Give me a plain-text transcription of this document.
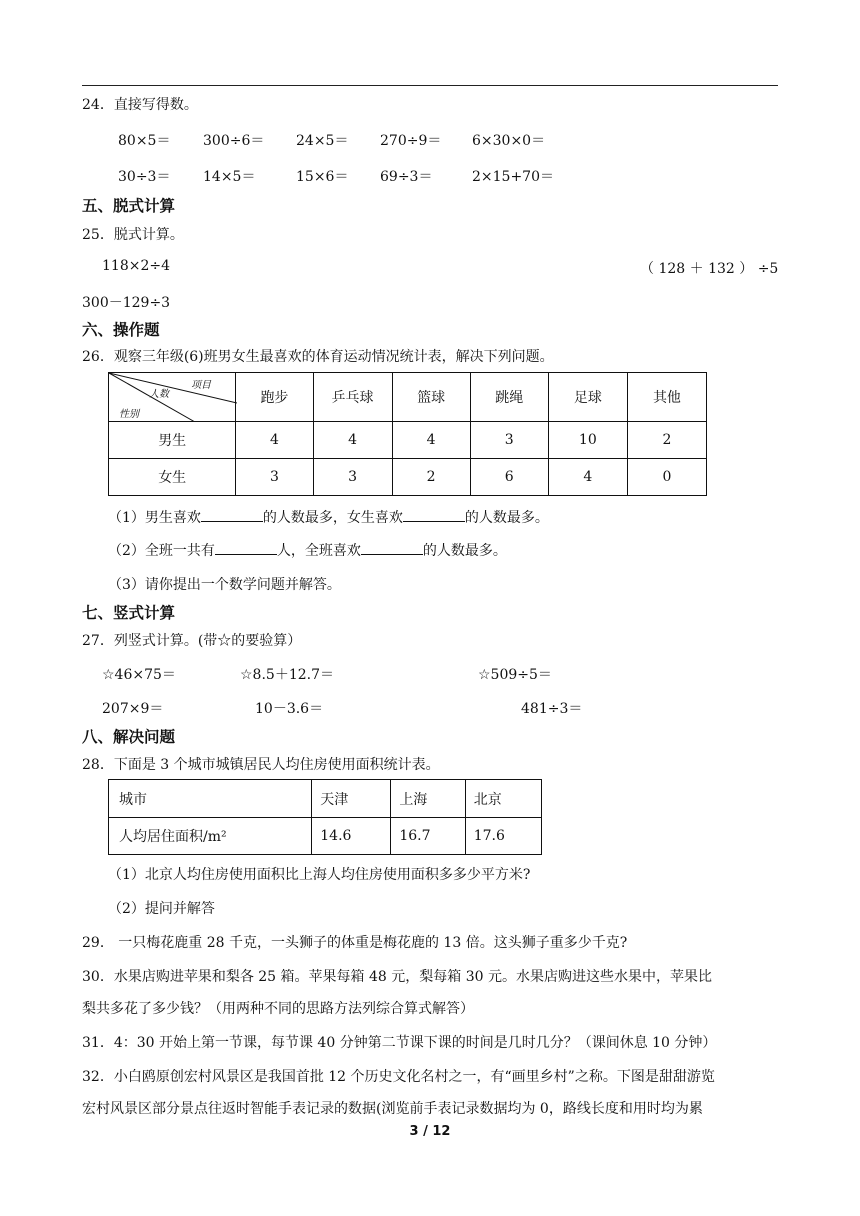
24．直接写得数。
80×5＝ 300÷6＝ 24×5＝ 270÷9＝ 6×30×0＝
30÷3＝ 14×5＝	15×6＝ 69÷3＝	2×15+70＝
五、脱式计算
25．脱式计算。
118×2÷4	（ 128 ＋ 132 ） ÷5
300－129÷3
六、操作题
26．观察三年级(6)班男女生最喜欢的体育运动情况统计表，解决下列问题。
项目
人数
性别	跑步	乒乓球	篮球	跳绳	足球	其他
男生	4	4	4	3	10	2
女生	3	3	2	6	4	0
（1）男生喜欢	的人数最多，女生喜欢	的人数最多。
（2）全班一共有	人，全班喜欢	的人数最多。
（3）请你提出一个数学问题并解答。
七、竖式计算
27．列竖式计算。(带☆的要验算）
☆46×75＝	☆8.5＋12.7＝	☆509÷5＝
207×9＝	10－3.6＝	481÷3＝
八、解决问题
28．下面是 3 个城市城镇居民人均住房使用面积统计表。
城市	天津	上海	北京
人均居住面积/m²	14.6	16.7	17.6
（1）北京人均住房使用面积比上海人均住房使用面积多多少平方米?
（2）提问并解答
29． 一只梅花鹿重 28 千克，一头狮子的体重是梅花鹿的 13 倍。这头狮子重多少千克?
30．水果店购进苹果和梨各 25 箱。苹果每箱 48 元，梨每箱 30 元。水果店购进这些水果中，苹果比
梨共多花了多少钱？（用两种不同的思路方法列综合算式解答）
31．4：30 开始上第一节课，每节课 40 分钟第二节课下课的时间是几时几分？（课间休息 10 分钟）
32．小白鸥原创宏村风景区是我国首批 12 个历史文化名村之一，有“画里乡村”之称。下图是甜甜游览
宏村风景区部分景点往返时智能手表记录的数据(浏览前手表记录数据均为 0，路线长度和用时均为累
3 / 12
